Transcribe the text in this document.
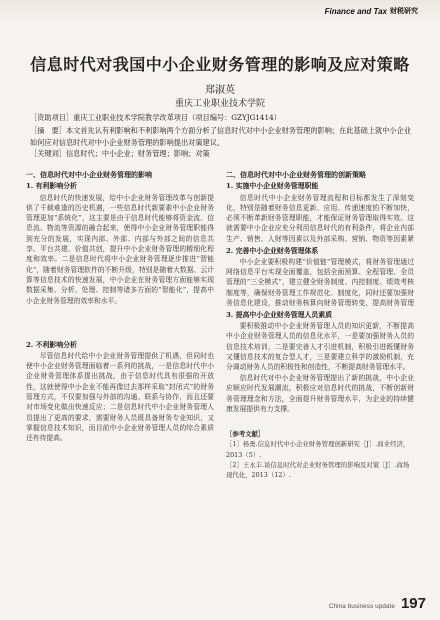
Finance and Tax 财税研究
信息时代对我国中小企业财务管理的影响及应对策略
郑淑英
重庆工业职业技术学院
［资助项目］重庆工业职业技术学院教学改革项目（项目编号：GZYJG1414）
［摘　要］本文首先认有利影响和不利影响两个方面分析了信息时代对中小企业财务管理的影响；在此基础上就中小企业如何应对信息时代对中小企业财务管理的影响提出对策建议。
［关键词］信息时代；中小企业；财务管理；影响；对策
一、信息时代对中小企业财务管理的影响
1. 有利影响分析
信息时代的快速发展，给中小企业财务管理改革与创新提供了千载难逢的历史机遇，一些信息时代新要素中小企业财务管理更加“系统化”，这主要是由于信息时代能够将资金流、信息流、物流等资源的融合起来，使得中小企业财务管理职能得到充分的发展，实现内部、外部、内部与外部之间的信息共享、平台共建、价值共创，提升中小企业财务管理的精细化程度和效率。二是信息时代将中小企业财务管理逐步推进“智能化”，随着财务管理软件的不断升级，特别是随着大数据、云计算等信息技术的快速发展，中小企业在财务管理方面能够实现数据采集、分析、处理、控制等诸多方面的“智能化”，提高中小企业财务管理的效率和水平。
2. 不利影响分析
尽管信息时代给中小企业财务管理提供了机遇，但同时也使中小企业财务管理面临着一系列的挑战，一是信息时代中小企业财务管理体系提出挑战，由于信息时代具有很强的开放性，这就使得中小企业不能再像过去那样采取“封闭式”的财务管理方式，不仅要加强与外部的沟通、联系与协作，而且还要对市场变化做出快速反应；二是信息时代中小企业财务管理人员提出了更高的要求，需要财务人员既具备财务专业知识，又掌握信息技术知识，而目前中小企业财务管理人员的综合素质还有待提高。
二、信息时代对中小企业财务管理的创新策略
1. 实施中小企业财务管理职能
信息时代中小企业财务管理流程和目标都发生了深刻变化，特别是随着财务信息更新、应用、传递速度的不断加快，必须不断革新财务管理职能，才能保证财务管理取得实效。这就需要中小企业应充分利用信息时代的有利条件，将企业内部生产、销售、人财等因素以及外部采购、营销、物资等因素紧
2. 完善中小企业财务管理体系
中小企业要积极构建“价值链”管理模式，将财务管理通过网络信息平台实现全面覆盖，包括全面预算、全程管理、全员管理的“三全模式”，建立健全财务制度、内控制度、绩效考核制度等，确保财务管理工作规范化、制度化，同时还要加强财务信息化建设，推动财务核算向财务管理转变，提高财务管理
3. 提高中小企业财务管理人员素质
要积极推动中小企业财务管理人员的知识更新，不断提高中小企业财务管理人员的信息化水平，一是要加强财务人员的信息技术培训，二是要完善人才引进机制，积极引进既懂财务又懂信息技术的复合型人才，三是要建立科学的激励机制，充分调动财务人员的积极性和创造性，不断提高财务管理水平。
信息时代对中小企业财务管理提出了新的挑战，中小企业应顺应时代发展潮流，积极应对信息时代的挑战，不断创新财务管理理念和方法，全面提升财务管理水平，为企业的持续健康发展提供有力支撑。
［参考文献］
［1］杨勇.信息时代中小企业财务管理创新研究［J］.商业经济，2013（5）.
［2］王永丰.谈信息时代对企业财务管理的影响及对策［J］.商场现代化，2013（12）.
China business update 197
